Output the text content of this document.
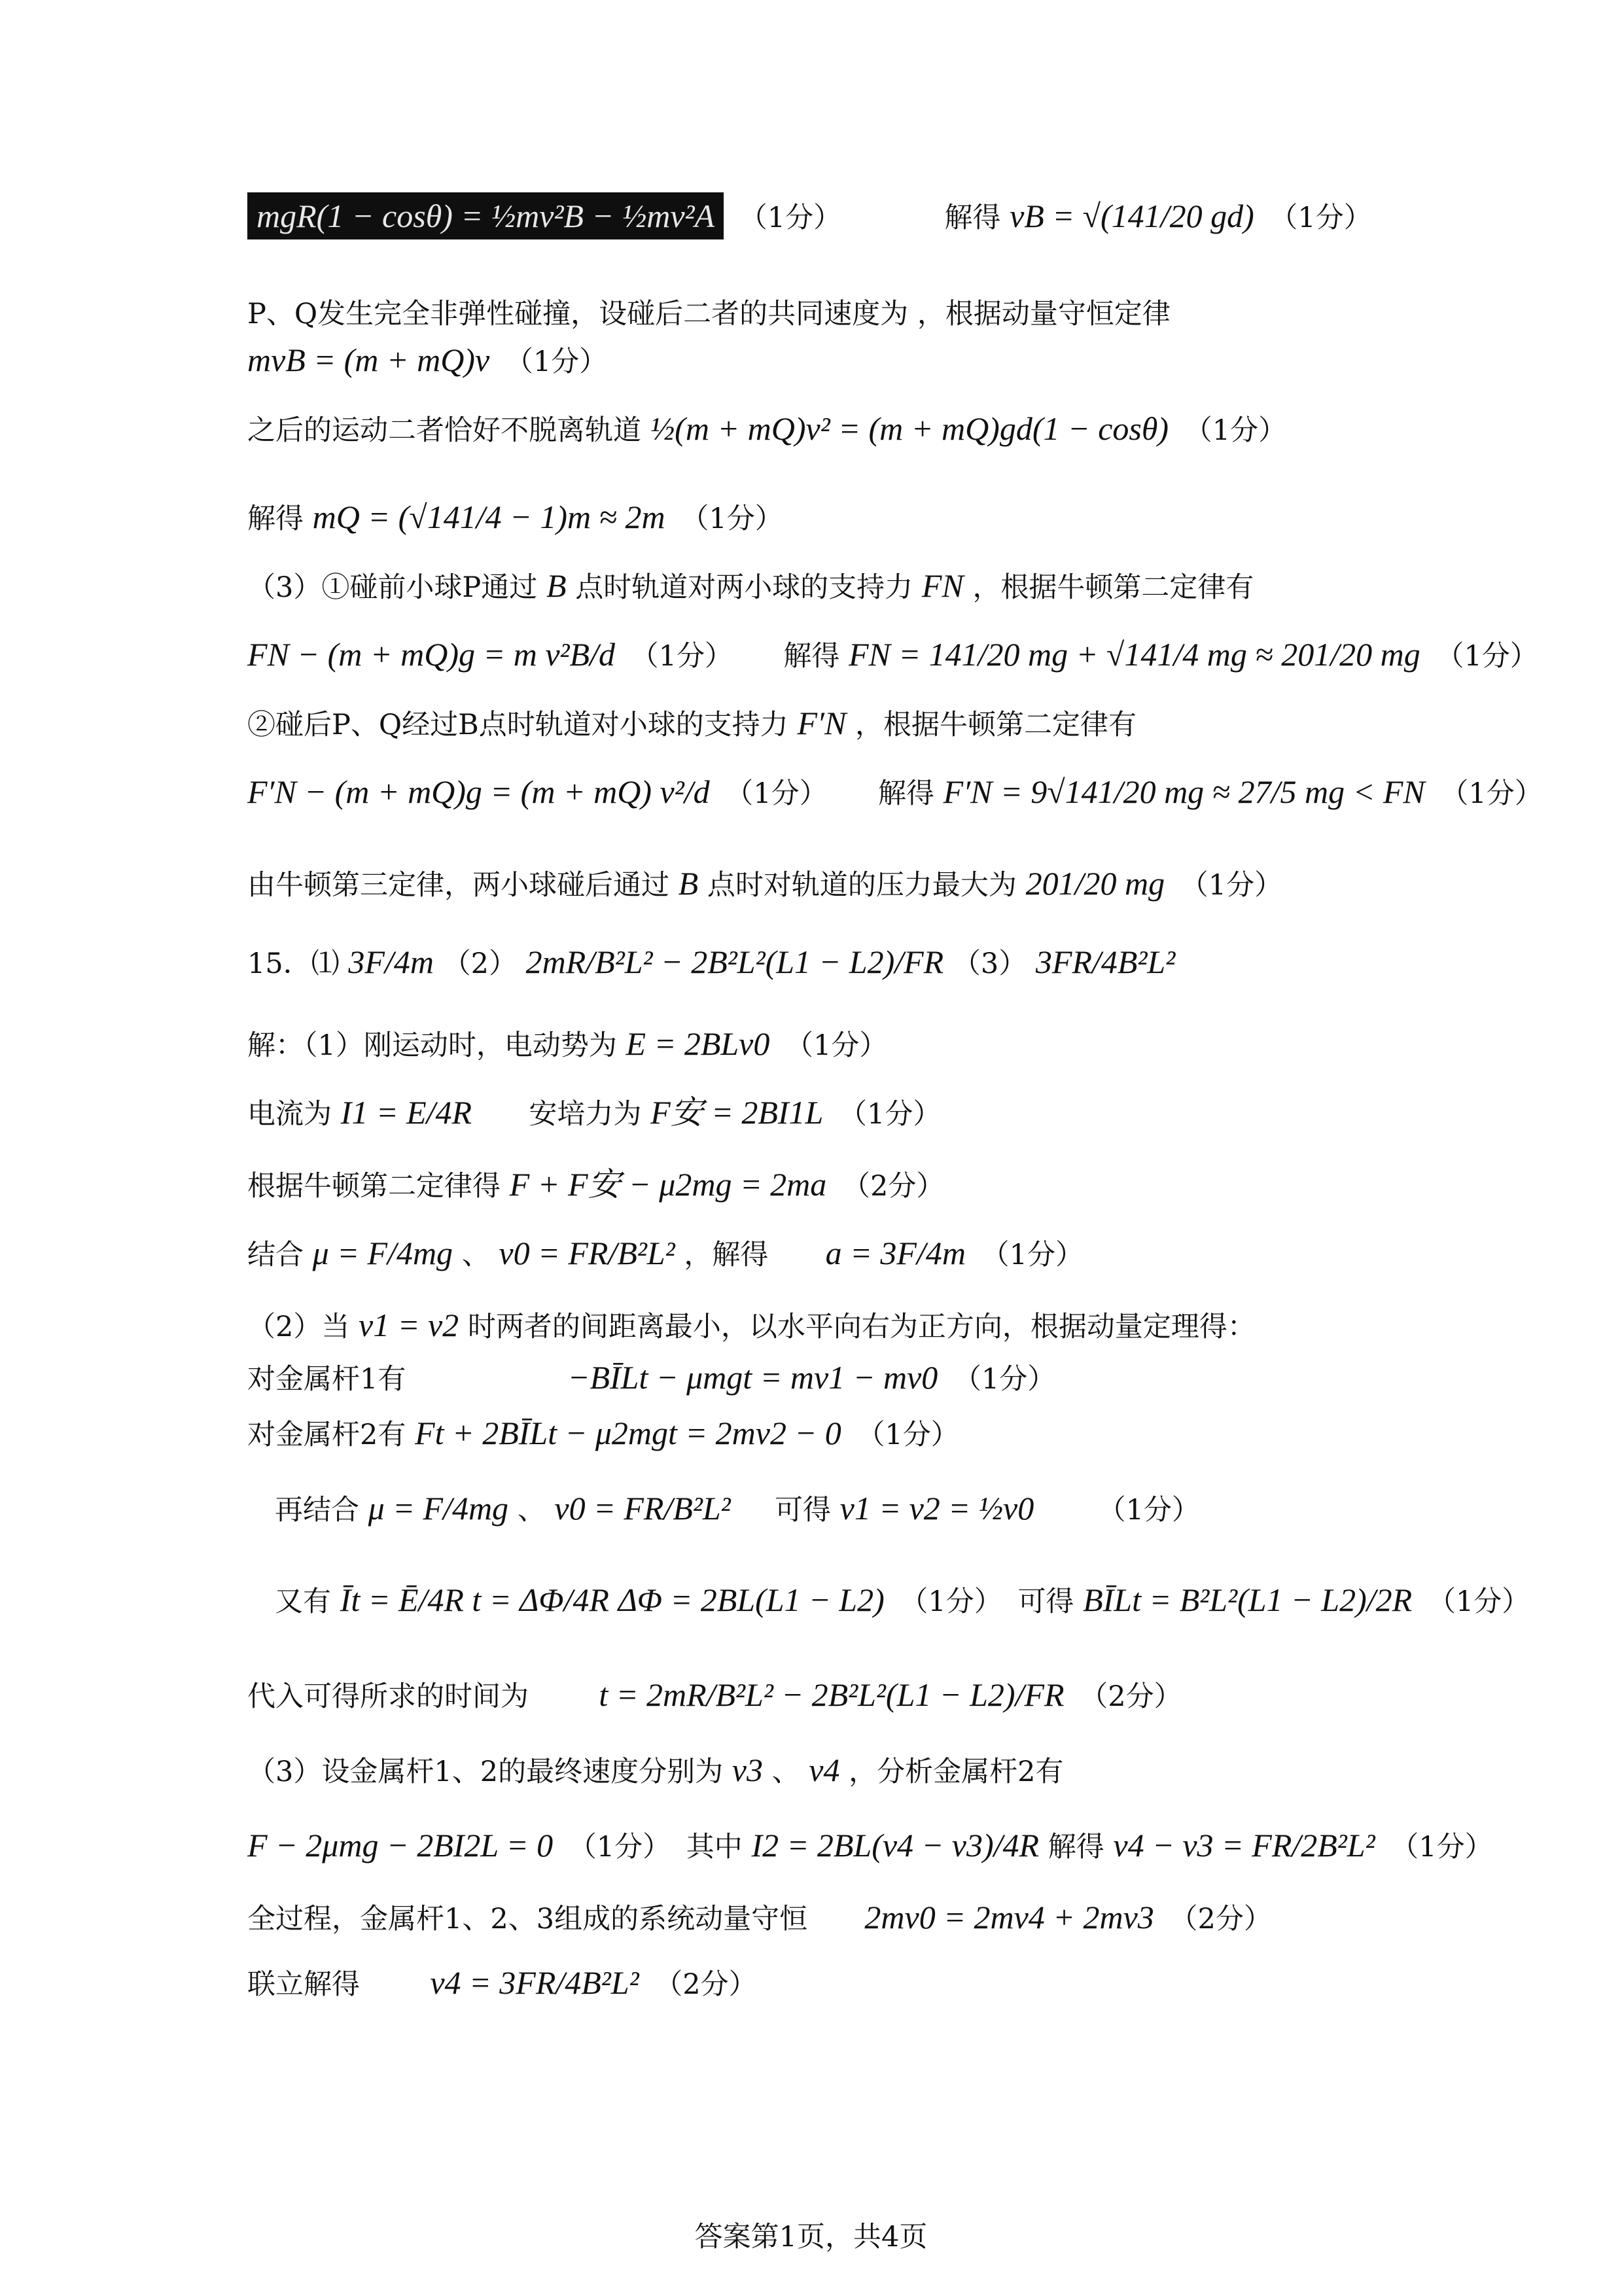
mgR(1 − cosθ) = ½mv²B − ½mv²A （1分）	解得 vB = √(141/20 gd) （1分）
P、Q发生完全非弹性碰撞，设碰后二者的共同速度为 ，根据动量守恒定律
mvB = (m + mQ)v （1分）
之后的运动二者恰好不脱离轨道 ½(m + mQ)v² = (m + mQ)gd(1 − cosθ) （1分）
解得 mQ = (√141/4 − 1)m ≈ 2m （1分）
（3）①碰前小球P通过 B 点时轨道对两小球的支持力 FN ，根据牛顿第二定律有
FN − (m + mQ)g = m v²B/d （1分） 解得 FN = 141/20 mg + √141/4 mg ≈ 201/20 mg （1分）
②碰后P、Q经过B点时轨道对小球的支持力 F′N ，根据牛顿第二定律有
F′N − (m + mQ)g = (m + mQ) v²/d （1分） 解得 F′N = 9√141/20 mg ≈ 27/5 mg < FN （1分）
由牛顿第三定律，两小球碰后通过 B 点时对轨道的压力最大为 201/20 mg （1分）
15．⑴ 3F/4m （2） 2mR/B²L² − 2B²L²(L1 − L2)/FR （3） 3FR/4B²L²
解：（1）刚运动时，电动势为 E = 2BLv0 （1分）
电流为 I1 = E/4R 安培力为 F安 = 2BI1L （1分）
根据牛顿第二定律得 F + F安 − μ2mg = 2ma （2分）
结合 μ = F/4mg 、 v0 = FR/B²L² ，解得 a = 3F/4m （1分）
（2）当 v1 = v2 时两者的间距离最小，以水平向右为正方向，根据动量定理得：
对金属杆1有	−BĪLt − μmgt = mv1 − mv0 （1分）
对金属杆2有 Ft + 2BĪLt − μ2mgt = 2mv2 − 0 （1分）
再结合 μ = F/4mg 、 v0 = FR/B²L² 可得 v1 = v2 = ½v0 （1分）
又有 Īt = Ē/4R t = ΔΦ/4R ΔΦ = 2BL(L1 − L2) （1分） 可得 BĪLt = B²L²(L1 − L2)/2R （1分）
代入可得所求的时间为 t = 2mR/B²L² − 2B²L²(L1 − L2)/FR （2分）
（3）设金属杆1、2的最终速度分别为 v3 、 v4 ，分析金属杆2有
F − 2μmg − 2BI2L = 0 （1分） 其中 I2 = 2BL(v4 − v3)/4R 解得 v4 − v3 = FR/2B²L² （1分）
全过程，金属杆1、2、3组成的系统动量守恒 2mv0 = 2mv4 + 2mv3 （2分）
联立解得 v4 = 3FR/4B²L² （2分）
答案第1页，共4页
